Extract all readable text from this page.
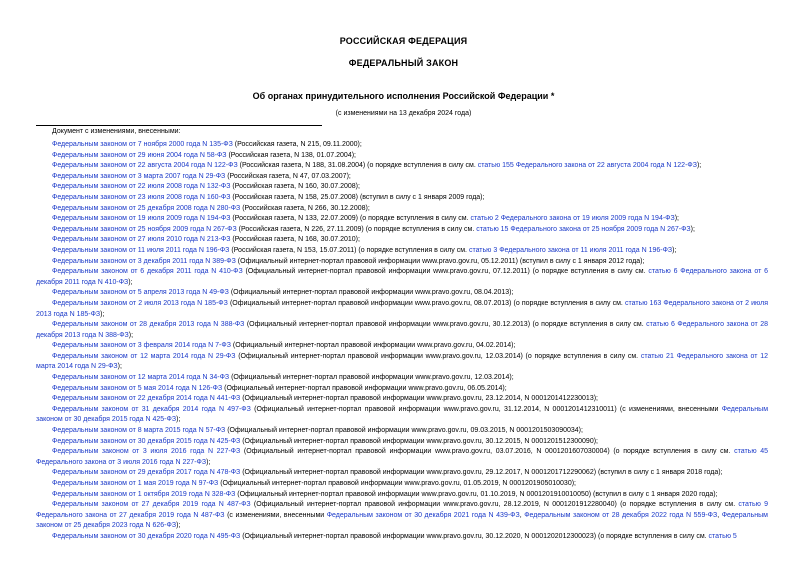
РОССИЙСКАЯ ФЕДЕРАЦИЯ
ФЕДЕРАЛЬНЫЙ ЗАКОН
Об органах принудительного исполнения Российской Федерации *
(с изменениями на 13 декабря 2024 года)
Документ с изменениями, внесенными:

Федеральным законом от 7 ноября 2000 года N 135-ФЗ (Российская газета, N 215, 09.11.2000);

Федеральным законом от 29 июня 2004 года N 58-ФЗ (Российская газета, N 138, 01.07.2004);

Федеральным законом от 22 августа 2004 года N 122-ФЗ (Российская газета, N 188, 31.08.2004) (о порядке вступления в силу см. статью 155 Федерального закона от 22 августа 2004 года N 122-ФЗ);

Федеральным законом от 3 марта 2007 года N 29-ФЗ (Российская газета, N 47, 07.03.2007);

Федеральным законом от 22 июля 2008 года N 132-ФЗ (Российская газета, N 160, 30.07.2008);

Федеральным законом от 23 июля 2008 года N 160-ФЗ (Российская газета, N 158, 25.07.2008) (вступил в силу с 1 января 2009 года);

Федеральным законом от 25 декабря 2008 года N 280-ФЗ (Российская газета, N 266, 30.12.2008);

Федеральным законом от 19 июля 2009 года N 194-ФЗ (Российская газета, N 133, 22.07.2009) (о порядке вступления в силу см. статью 2 Федерального закона от 19 июля 2009 года N 194-ФЗ);

Федеральным законом от 25 ноября 2009 года N 267-ФЗ (Российская газета, N 226, 27.11.2009) (о порядке вступления в силу см. статью 15 Федерального закона от 25 ноября 2009 года N 267-ФЗ);

Федеральным законом от 27 июля 2010 года N 213-ФЗ (Российская газета, N 168, 30.07.2010);

Федеральным законом от 11 июля 2011 года N 196-ФЗ (Российская газета, N 153, 15.07.2011) (о порядке вступления в силу см. статью 3 Федерального закона от 11 июля 2011 года N 196-ФЗ);

Федеральным законом от 3 декабря 2011 года N 389-ФЗ (Официальный интернет-портал правовой информации www.pravo.gov.ru, 05.12.2011) (вступил в силу с 1 января 2012 года);

Федеральным законом от 6 декабря 2011 года N 410-ФЗ (Официальный интернет-портал правовой информации www.pravo.gov.ru, 07.12.2011) (о порядке вступления в силу см. статью 6 Федерального закона от 6 декабря 2011 года N 410-ФЗ);

Федеральным законом от 5 апреля 2013 года N 49-ФЗ (Официальный интернет-портал правовой информации www.pravo.gov.ru, 08.04.2013);

Федеральным законом от 2 июля 2013 года N 185-ФЗ (Официальный интернет-портал правовой информации www.pravo.gov.ru, 08.07.2013) (о порядке вступления в силу см. статью 163 Федерального закона от 2 июля 2013 года N 185-ФЗ);

Федеральным законом от 28 декабря 2013 года N 388-ФЗ (Официальный интернет-портал правовой информации www.pravo.gov.ru, 30.12.2013) (о порядке вступления в силу см. статью 6 Федерального закона от 28 декабря 2013 года N 388-ФЗ);

Федеральным законом от 3 февраля 2014 года N 7-ФЗ (Официальный интернет-портал правовой информации www.pravo.gov.ru, 04.02.2014);

Федеральным законом от 12 марта 2014 года N 29-ФЗ (Официальный интернет-портал правовой информации www.pravo.gov.ru, 12.03.2014) (о порядке вступления в силу см. статью 21 Федерального закона от 12 марта 2014 года N 29-ФЗ);

Федеральным законом от 12 марта 2014 года N 34-ФЗ (Официальный интернет-портал правовой информации www.pravo.gov.ru, 12.03.2014);

Федеральным законом от 5 мая 2014 года N 126-ФЗ (Официальный интернет-портал правовой информации www.pravo.gov.ru, 06.05.2014);

Федеральным законом от 22 декабря 2014 года N 441-ФЗ (Официальный интернет-портал правовой информации www.pravo.gov.ru, 23.12.2014, N 0001201412230013);

Федеральным законом от 31 декабря 2014 года N 497-ФЗ (Официальный интернет-портал правовой информации www.pravo.gov.ru, 31.12.2014, N 0001201412310011) (с изменениями, внесенными Федеральным законом от 30 декабря 2015 года N 425-ФЗ);

Федеральным законом от 8 марта 2015 года N 57-ФЗ (Официальный интернет-портал правовой информации www.pravo.gov.ru, 09.03.2015, N 0001201503090034);

Федеральным законом от 30 декабря 2015 года N 425-ФЗ (Официальный интернет-портал правовой информации www.pravo.gov.ru, 30.12.2015, N 0001201512300090);

Федеральным законом от 3 июля 2016 года N 227-ФЗ (Официальный интернет-портал правовой информации www.pravo.gov.ru, 03.07.2016, N 0001201607030004) (о порядке вступления в силу см. статью 45 Федерального закона от 3 июля 2016 года N 227-ФЗ);

Федеральным законом от 29 декабря 2017 года N 478-ФЗ (Официальный интернет-портал правовой информации www.pravo.gov.ru, 29.12.2017, N 0001201712290062) (вступил в силу с 1 января 2018 года);

Федеральным законом от 1 мая 2019 года N 97-ФЗ (Официальный интернет-портал правовой информации www.pravo.gov.ru, 01.05.2019, N 0001201905010030);

Федеральным законом от 1 октября 2019 года N 328-ФЗ (Официальный интернет-портал правовой информации www.pravo.gov.ru, 01.10.2019, N 0001201910010050) (вступил в силу с 1 января 2020 года);

Федеральным законом от 27 декабря 2019 года N 487-ФЗ (Официальный интернет-портал правовой информации www.pravo.gov.ru, 28.12.2019, N 0001201912280040) (о порядке вступления в силу см. статью 9 Федерального закона от 27 декабря 2019 года N 487-ФЗ (с изменениями, внесенными Федеральным законом от 30 декабря 2021 года N 439-ФЗ, Федеральным законом от 28 декабря 2022 года N 559-ФЗ, Федеральным законом от 25 декабря 2023 года N 626-ФЗ);

Федеральным законом от 30 декабря 2020 года N 495-ФЗ (Официальный интернет-портал правовой информации www.pravo.gov.ru, 30.12.2020, N 0001202012300023) (о порядке вступления в силу см. статью 5
